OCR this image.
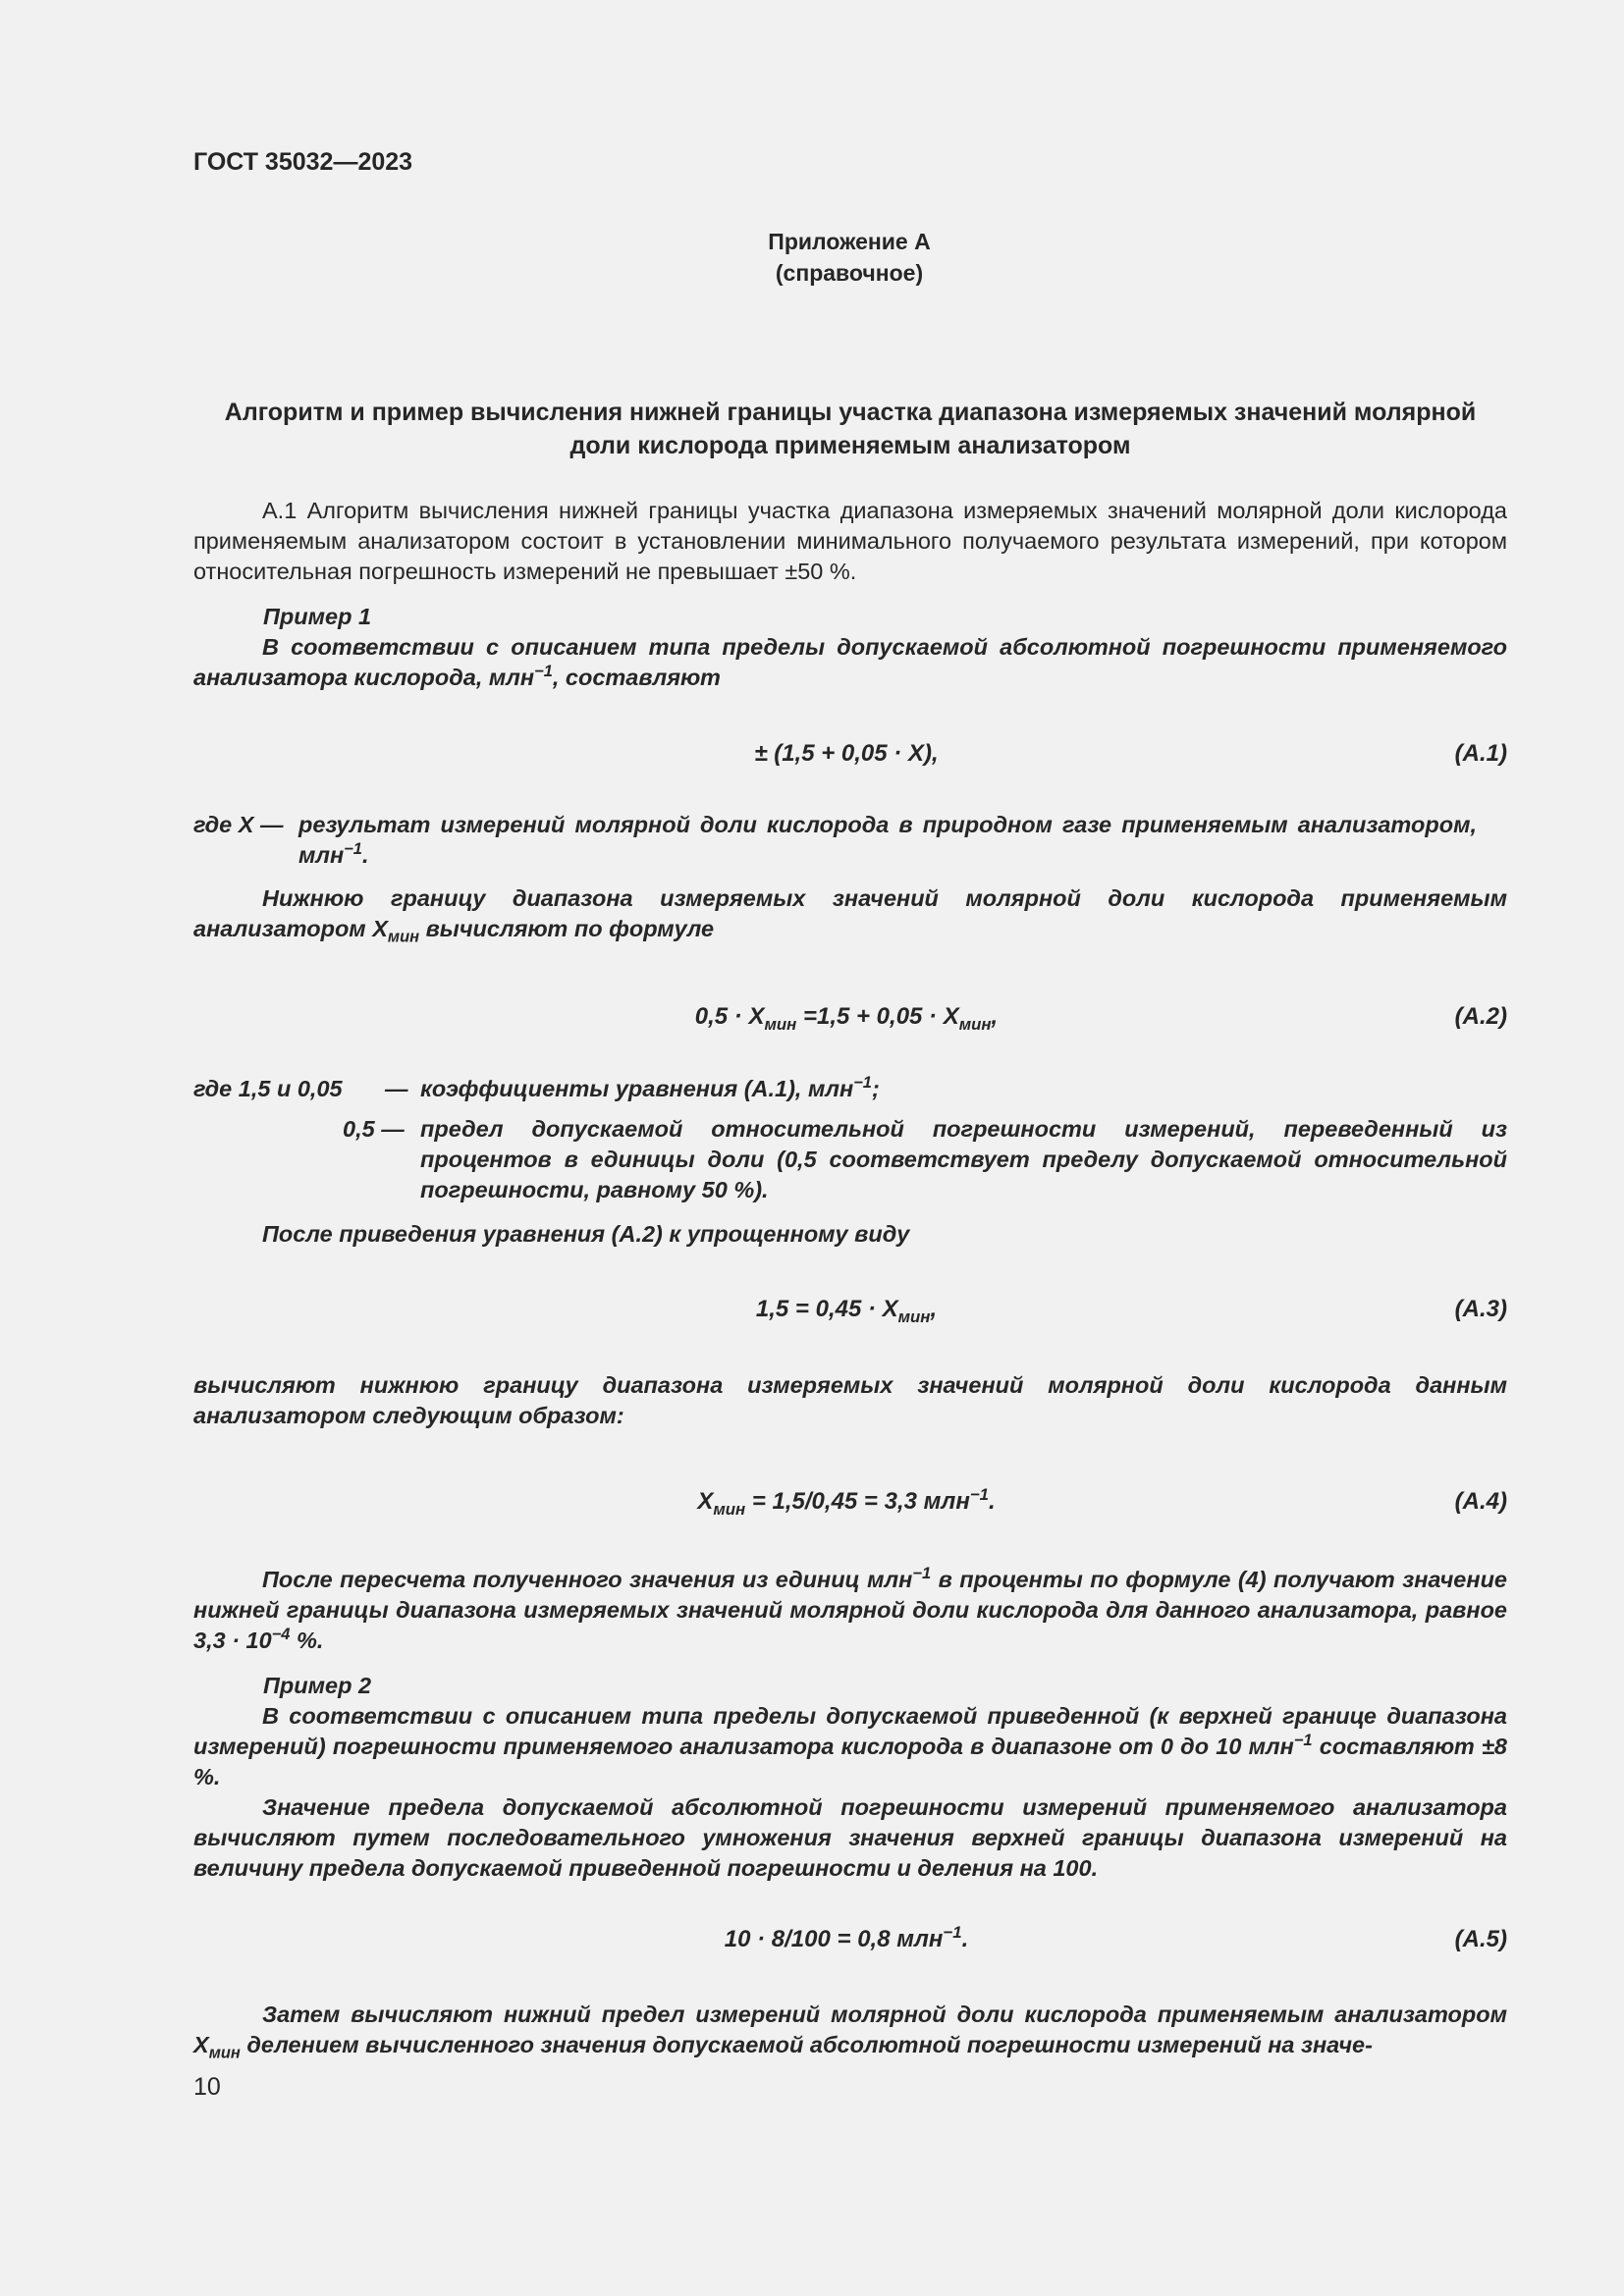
ГОСТ 35032—2023

Приложение А
(справочное)

Алгоритм и пример вычисления нижней границы участка диапазона измеряемых значений молярной доли кислорода применяемым анализатором

А.1 Алгоритм вычисления нижней границы участка диапазона измеряемых значений молярной доли кислорода применяемым анализатором состоит в установлении минимального получаемого результата измерений, при котором относительная погрешность измерений не превышает ±50 %.

Пример 1

В соответствии с описанием типа пределы допускаемой абсолютной погрешности применяемого анализатора кислорода, млн$^{-1}$, составляют

± (1,5 + 0,05 · X),	(А.1)
где X — результат измерений молярной доли кислорода в природном газе применяемым анализатором, млн$^{-1}$.

Нижнюю границу диапазона измеряемых значений молярной доли кислорода применяемым анализатором $X_{мин}$ вычисляют по формуле

$0,5 \cdot X_{мин} =1,5 + 0,05 \cdot X_{мин}$,	(А.2)
где 1,5 и 0,05 — коэффициенты уравнения (А.1), млн$^{-1}$;

0,5 — предел допускаемой относительной погрешности измерений, переведенный из процентов в единицы доли (0,5 соответствует пределу допускаемой относительной погрешности, равному 50 %).

После приведения уравнения (А.2) к упрощенному виду

$1,5 = 0,45 \cdot X_{мин}$,	(А.3)

вычисляют нижнюю границу диапазона измеряемых значений молярной доли кислорода данным анализатором следующим образом:

$X_{мин} = 1,5/0,45 = 3,3$ млн$^{-1}$.	(А.4)

После пересчета полученного значения из единиц млн$^{-1}$ в проценты по формуле (4) получают значение нижней границы диапазона измеряемых значений молярной доли кислорода для данного анализатора, равное $3,3 \cdot 10^{-4}$ %.

Пример 2

В соответствии с описанием типа пределы допускаемой приведенной (к верхней границе диапазона измерений) погрешности применяемого анализатора кислорода в диапазоне от 0 до 10 млн$^{-1}$ составляют ±8 %.

Значение предела допускаемой абсолютной погрешности измерений применяемого анализатора вычисляют путем последовательного умножения значения верхней границы диапазона измерений на величину предела допускаемой приведенной погрешности и деления на 100.

10 · 8/100 = 0,8 млн$^{-1}$.	(А.5)

Затем вычисляют нижний предел измерений молярной доли кислорода применяемым анализатором $X_{мин}$ делением вычисленного значения допускаемой абсолютной погрешности измерений на значе-

10
